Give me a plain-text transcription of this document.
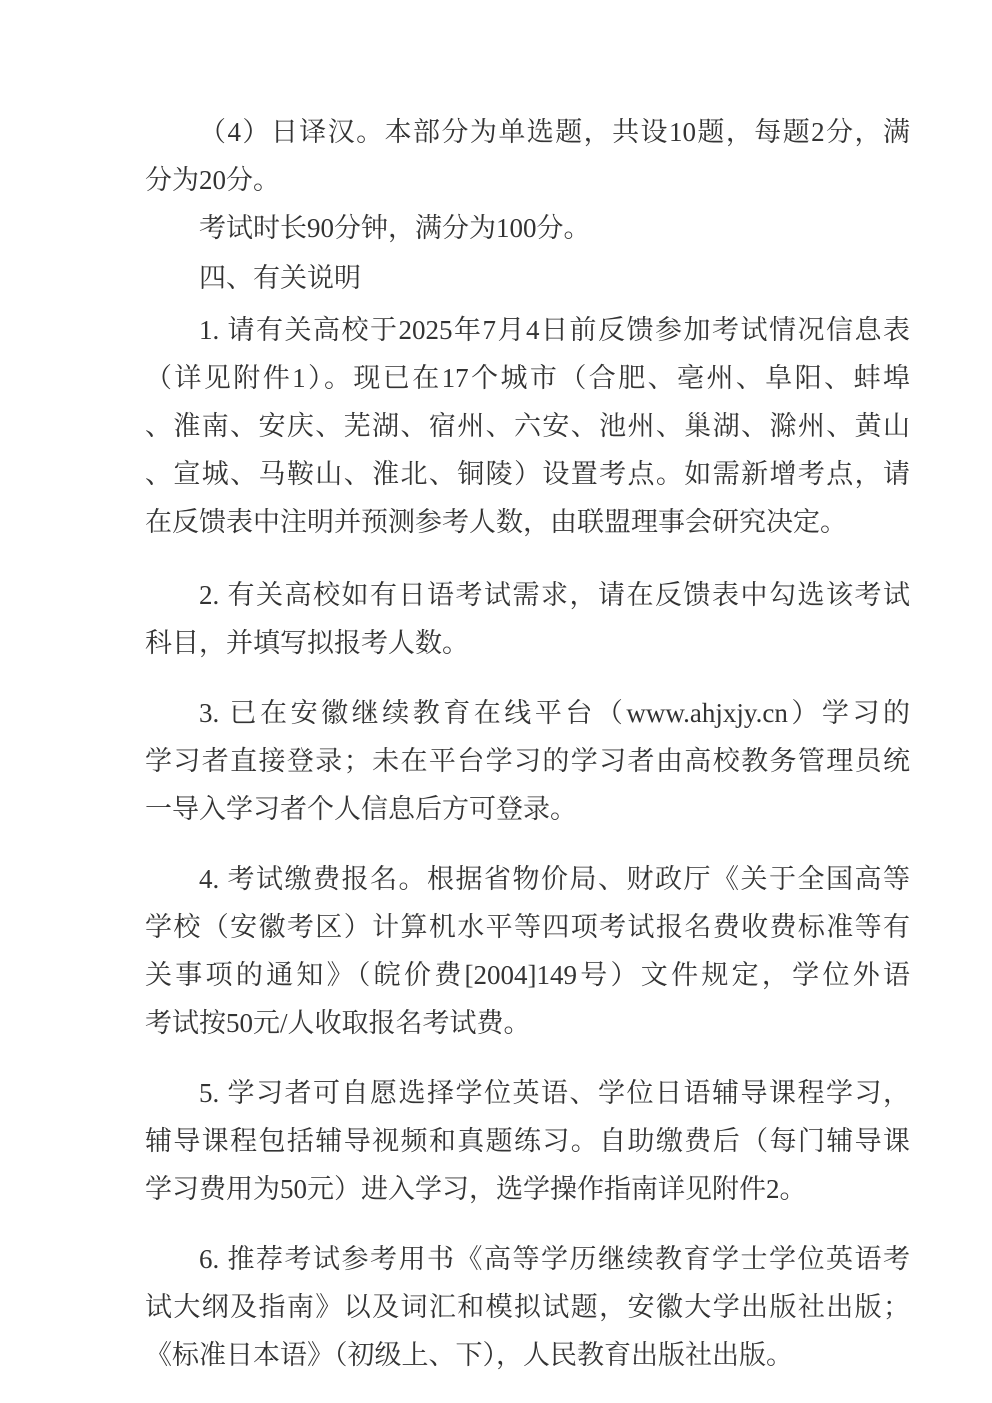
（4）日译汉。本部分为单选题，共设10题，每题2分，满
分为20分。
考试时长90分钟，满分为100分。
四、有关说明
1. 请有关高校于2025年7月4日前反馈参加考试情况信息表
（详见附件1）。现已在17个城市（合肥、亳州、阜阳、蚌埠
、淮南、安庆、芜湖、宿州、六安、池州、巢湖、滁州、黄山
、宣城、马鞍山、淮北、铜陵）设置考点。如需新增考点，请
在反馈表中注明并预测参考人数，由联盟理事会研究决定。
2. 有关高校如有日语考试需求，请在反馈表中勾选该考试
科目，并填写拟报考人数。
3. 已在安徽继续教育在线平台（www.ahjxjy.cn）学习的
学习者直接登录；未在平台学习的学习者由高校教务管理员统
一导入学习者个人信息后方可登录。
4. 考试缴费报名。根据省物价局、财政厅《关于全国高等
学校（安徽考区）计算机水平等四项考试报名费收费标准等有
关事项的通知》（皖价费[2004]149号）文件规定，学位外语
考试按50元/人收取报名考试费。
5. 学习者可自愿选择学位英语、学位日语辅导课程学习，
辅导课程包括辅导视频和真题练习。自助缴费后（每门辅导课
学习费用为50元）进入学习，选学操作指南详见附件2。
6. 推荐考试参考用书《高等学历继续教育学士学位英语考
试大纲及指南》以及词汇和模拟试题，安徽大学出版社出版；
《标准日本语》（初级上、下），人民教育出版社出版。
